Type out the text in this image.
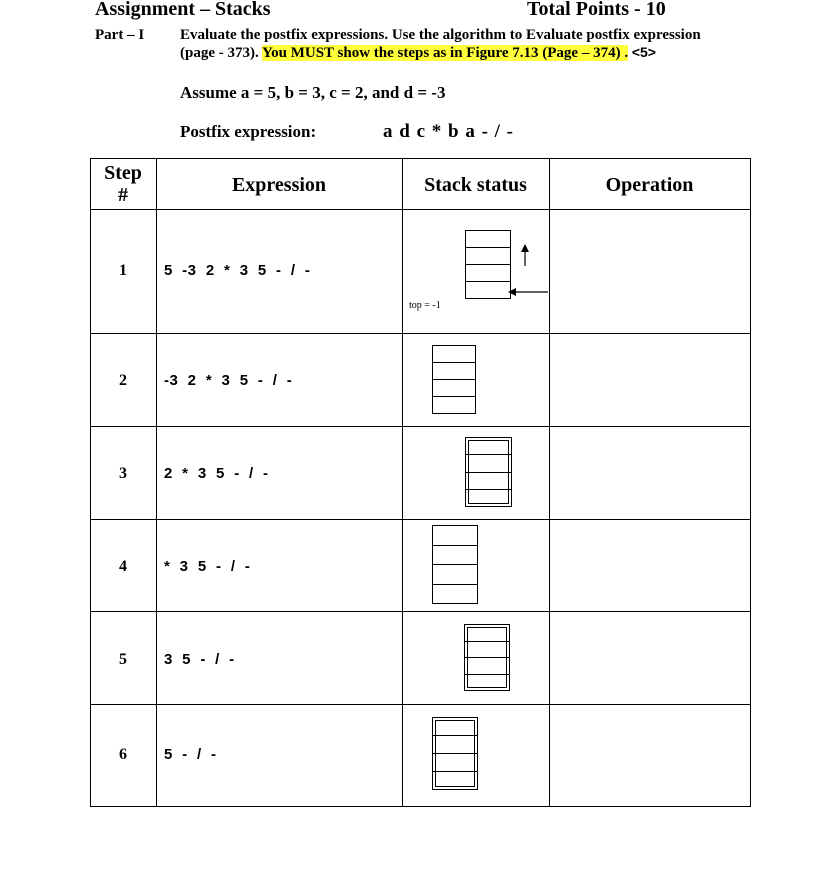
Assignment – Stacks	Total Points - 10
Part – I Evaluate the postfix expressions. Use the algorithm to Evaluate postfix expression
(page - 373). You MUST show the steps as in Figure 7.13 (Page – 374) . <5>
Assume a = 5, b = 3, c = 2, and d = -3
Postfix expression:	a d c * b a - / -
Step
#	Expression	Stack status	Operation
1	5  -3  2  *  3  5  -  /  -
top = -1
2	-3  2  *  3  5  -  /  -
3	2  *  3  5  -  /  -
4	*  3  5  -  /  -
5	3  5  -  /  -
6	5  -  /  -
